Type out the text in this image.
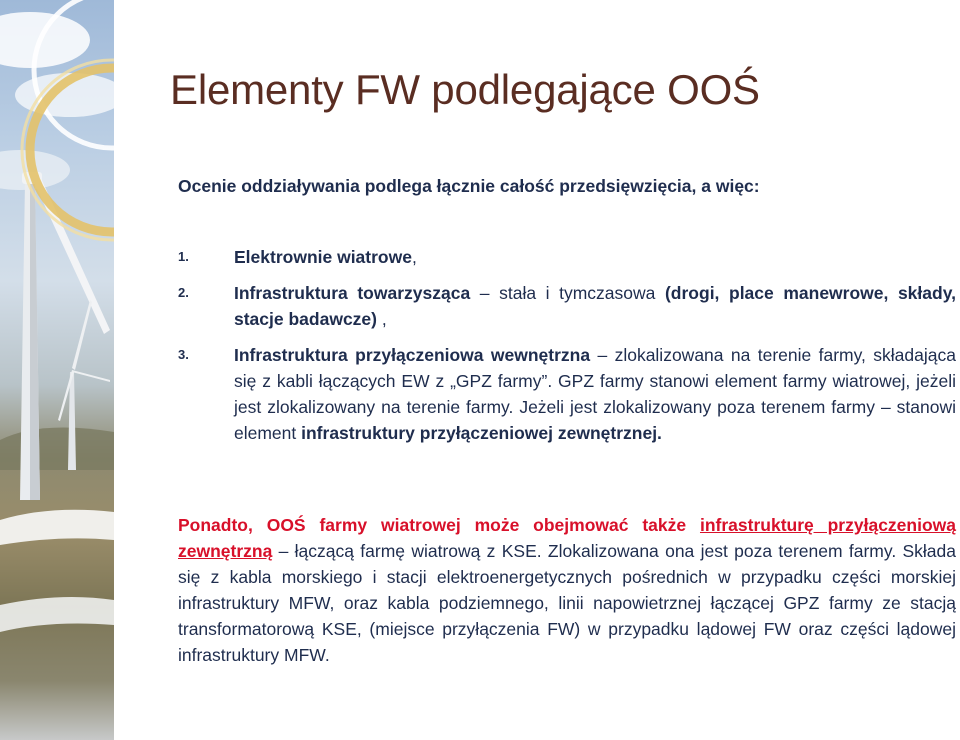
Elementy FW podlegające OOŚ

Ocenie oddziaływania podlega łącznie całość przedsięwzięcia, a więc:

1.	Elektrownie wiatrowe,
2.	Infrastruktura towarzysząca – stała i tymczasowa (drogi, place manewrowe, składy, stacje badawcze) ,
3.	Infrastruktura przyłączeniowa wewnętrzna – zlokalizowana na terenie farmy, składająca się z kabli łączących EW z „GPZ farmy”. GPZ farmy stanowi element farmy wiatrowej, jeżeli jest zlokalizowany na terenie farmy. Jeżeli jest zlokalizowany poza terenem farmy – stanowi element infrastruktury przyłączeniowej zewnętrznej.

Ponadto, OOŚ farmy wiatrowej może obejmować także infrastrukturę przyłączeniową zewnętrzną – łączącą farmę wiatrową z KSE. Zlokalizowana ona jest poza terenem farmy. Składa się z kabla morskiego i stacji elektroenergetycznych pośrednich w przypadku części morskiej infrastruktury MFW, oraz kabla podziemnego, linii napowietrznej łączącej GPZ farmy ze stacją transformatorową KSE, (miejsce przyłączenia FW) w przypadku lądowej FW oraz części lądowej infrastruktury MFW.
